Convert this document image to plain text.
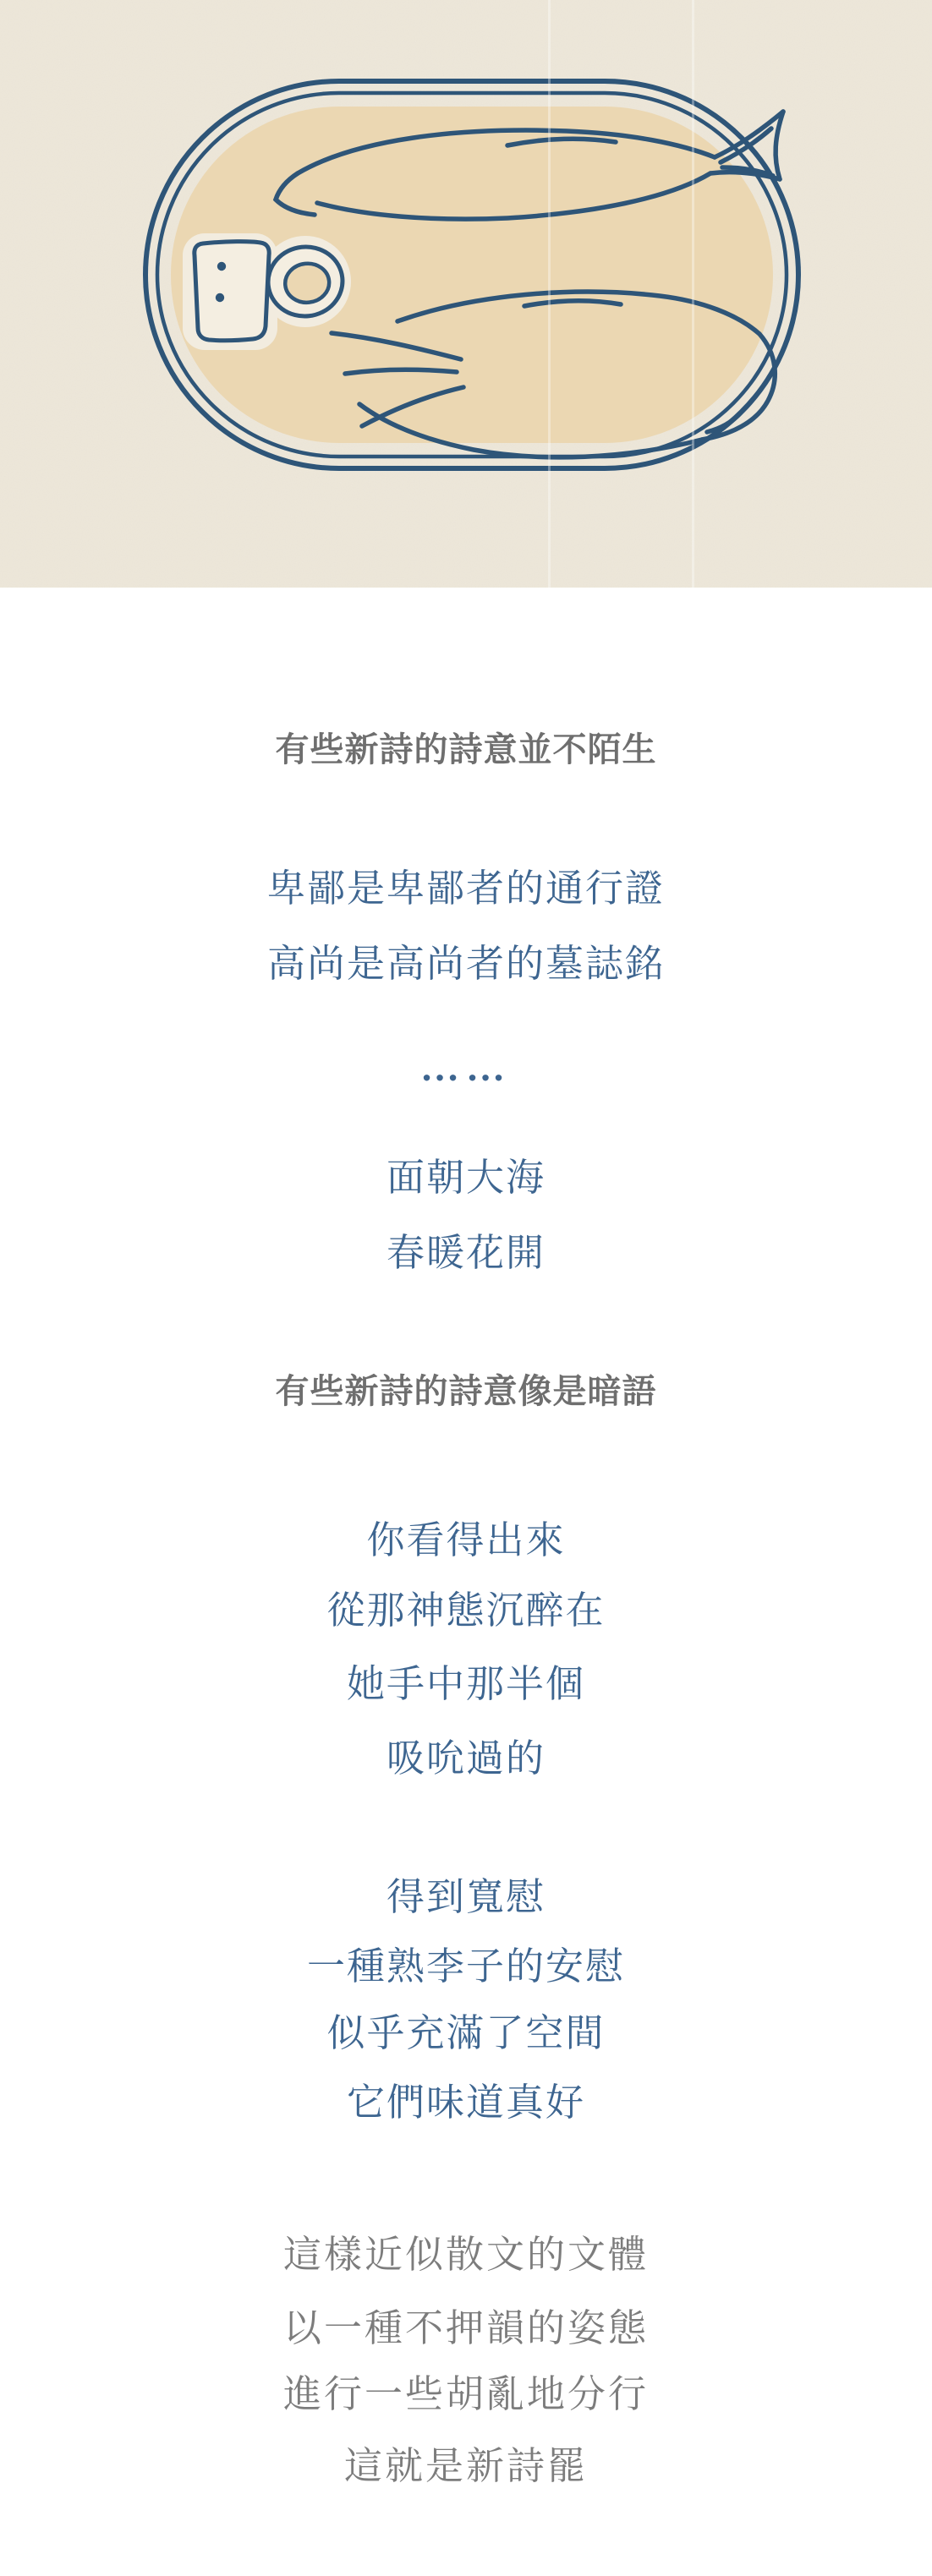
有些新詩的詩意並不陌生
卑鄙是卑鄙者的通行證
高尚是高尚者的墓誌銘
……
面朝大海
春暖花開
有些新詩的詩意像是暗語
你看得出來
從那神態沉醉在
她手中那半個
吸吮過的
得到寬慰
一種熟李子的安慰
似乎充滿了空間
它們味道真好
這樣近似散文的文體
以一種不押韻的姿態
進行一些胡亂地分行
這就是新詩罷
